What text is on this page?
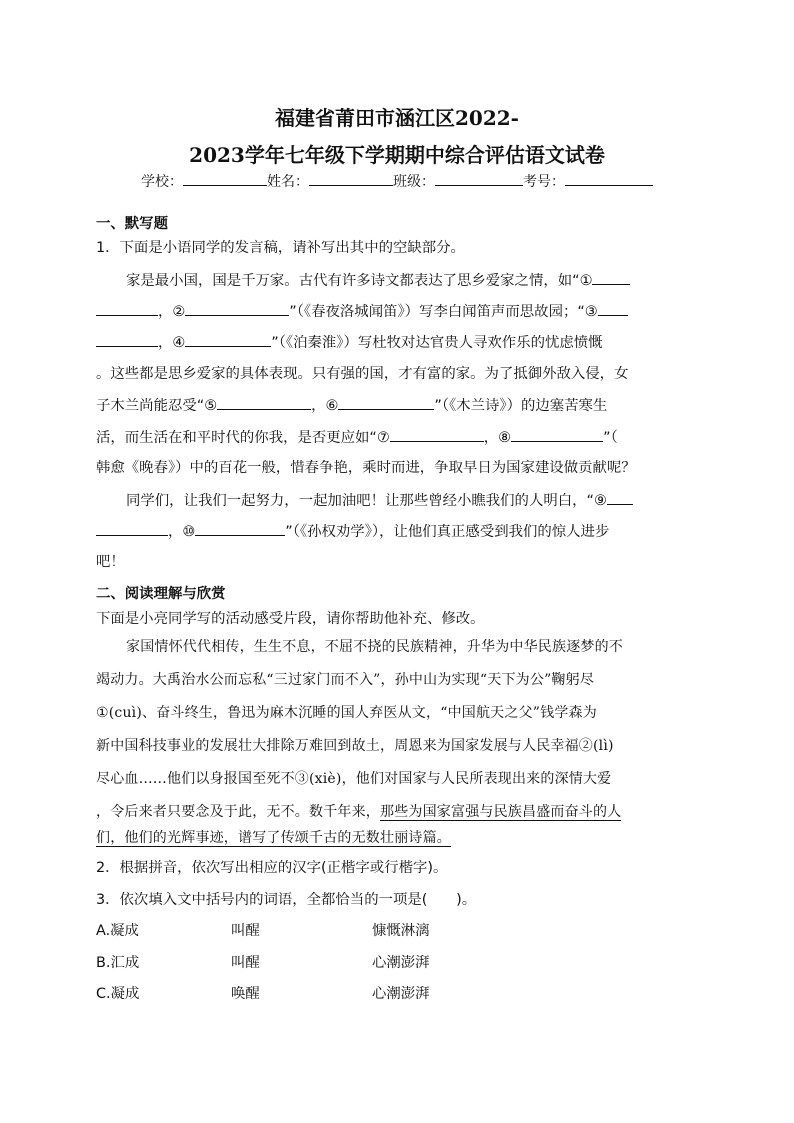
福建省莆田市涵江区2022-
2023学年七年级下学期期中综合评估语文试卷
学校：	姓名：	班级：	考号：
一、默写题
1．下面是小语同学的发言稿，请补写出其中的空缺部分。
家是最小国，国是千万家。古代有许多诗文都表达了思乡爱家之情，如“①
，②	”（《春夜洛城闻笛》）写李白闻笛声而思故园；“③
，④	”（《泊秦淮》）写杜牧对达官贵人寻欢作乐的忧虑愤慨
。这些都是思乡爱家的具体表现。只有强的国，才有富的家。为了抵御外敌入侵，女
子木兰尚能忍受“⑤	，⑥	”（《木兰诗》）的边塞苦寒生
活，而生活在和平时代的你我，是否更应如“⑦	，⑧	”（
韩愈《晚春》）中的百花一般，惜春争艳，乘时而进，争取早日为国家建设做贡献呢？
同学们，让我们一起努力，一起加油吧！让那些曾经小瞧我们的人明白，“⑨
，⑩	”（《孙权劝学》），让他们真正感受到我们的惊人进步
吧！
二、阅读理解与欣赏
下面是小亮同学写的活动感受片段，请你帮助他补充、修改。
家国情怀代代相传，生生不息，不屈不挠的民族精神，升华为中华民族逐梦的不
竭动力。大禹治水公而忘私“三过家门而不入”，孙中山为实现“天下为公”鞠躬尽
①(cuì)、奋斗终生，鲁迅为麻木沉睡的国人弃医从文，“中国航天之父”钱学森为
新中国科技事业的发展壮大排除万难回到故土，周恩来为国家发展与人民幸福②(lì)
尽心血……他们以身报国至死不③(xiè)，他们对国家与人民所表现出来的深情大爱
，令后来者只要念及于此，无不。数千年来，那些为国家富强与民族昌盛而奋斗的人
们，他们的光辉事迹，谱写了传颂千古的无数壮丽诗篇。
2．根据拼音，依次写出相应的汉字(正楷字或行楷字)。
3．依次填入文中括号内的词语，全都恰当的一项是(　　)。
A.凝成	叫醒	慷慨淋漓
B.汇成	叫醒	心潮澎湃
C.凝成	唤醒	心潮澎湃
